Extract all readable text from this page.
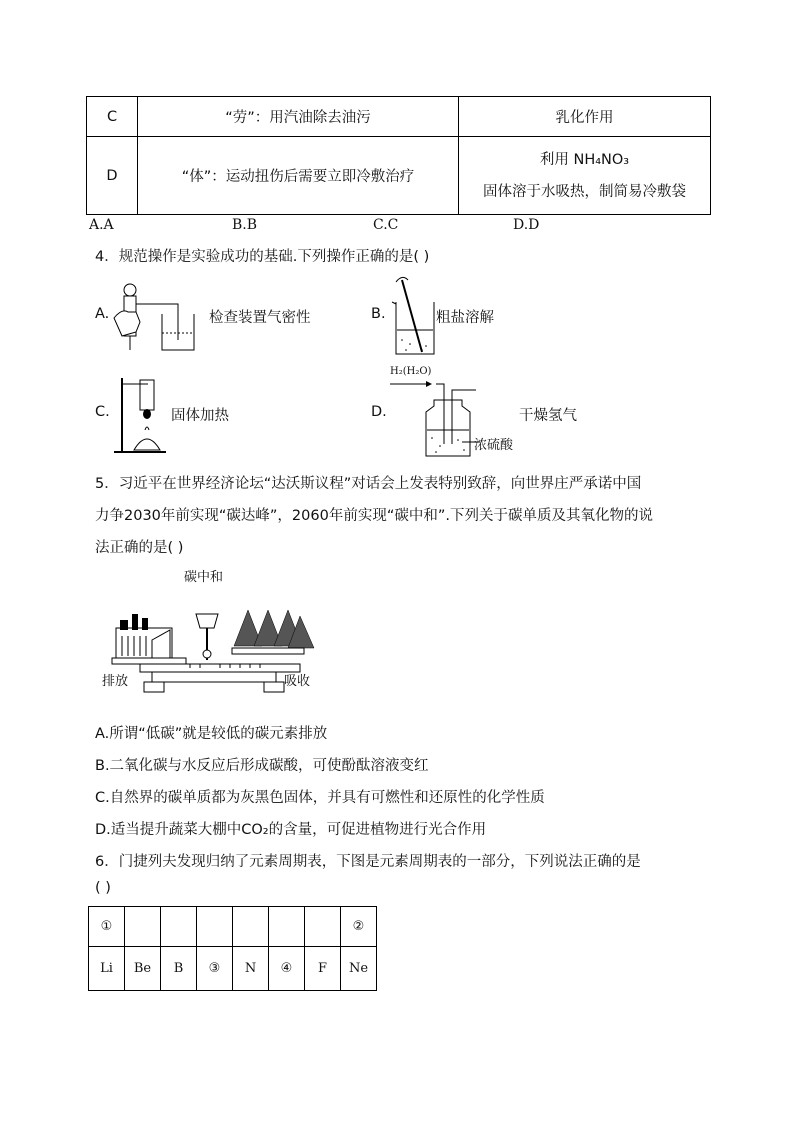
C	“劳”：用汽油除去油污	乳化作用
D	“体”：运动扭伤后需要立即冷敷治疗	利用 NH₄NO₃
固体溶于水吸热，制简易冷敷袋
A.A	B.B	C.C	D.D
4．规范操作是实验成功的基础.下列操作正确的是( )
A.	检查装置气密性	B.	粗盐溶解
C.	固体加热	D.
H₂(H₂O)
浓硫酸
干燥氢气
5．习近平在世界经济论坛“达沃斯议程”对话会上发表特别致辞，向世界庄严承诺中国
力争2030年前实现“碳达峰”，2060年前实现“碳中和”.下列关于碳单质及其氧化物的说
法正确的是( )
碳中和
排放	吸收
A.所谓“低碳”就是较低的碳元素排放
B.二氧化碳与水反应后形成碳酸，可使酚酞溶液变红
C.自然界的碳单质都为灰黑色固体，并具有可燃性和还原性的化学性质
D.适当提升蔬菜大棚中CO₂的含量，可促进植物进行光合作用
6．门捷列夫发现归纳了元素周期表，下图是元素周期表的一部分，下列说法正确的是
( )
①							②
Li	Be	B	③	N	④	F	Ne
